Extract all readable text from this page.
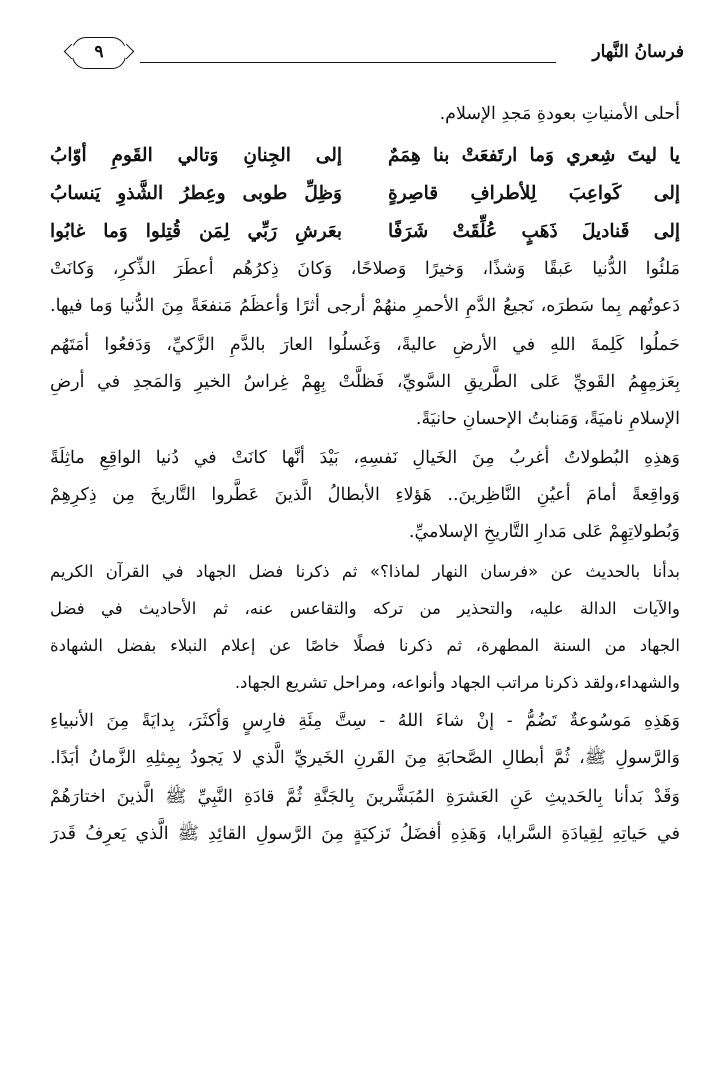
فرسانُ النَّهار
٩
أحلى الأمنياتِ بعودةِ مَجدِ الإسلام.
يا ليتَ شِعري وَما ارتَفعَتْ بنا هِمَمٌ
إلى الجِنانِ وَتالي القَومِ أوّابُ
إلى كَواعِبَ لِلأطرافِ قاصِرةٍ
وَظِلِّ طوبى وعِطرُ الشَّذوِ يَنسابُ
إلى قَناديلَ ذَهَبٍ عُلِّقَتْ شَرَفًا
بعَرشِ رَبِّي لِمَن قُتِلوا وَما غابُوا
مَلئُوا الدُّنيا عَبقًا وَشذًا، وَخيرًا وَصلاحًا، وَكانَ ذِكرُهُم أعطَرَ الذِّكرِ، وَكانَتْ
دَعوتُهم بِما سَطرَه، نَجيعُ الدَّمِ الأحمرِ منهُمْ أرجى أثرًا وَأعظَمُ مَنفعَةً مِنَ الدُّنيا وَما فيها.
حَملُوا كَلِمةَ اللهِ في الأرضِ عاليةً، وَغَسلُوا العارَ بالدَّمِ الزَّكيِّ، وَدَفعُوا أمَتَهُم
بِعَزمِهِمُ القَويِّ عَلى الطَّريقِ السَّويِّ، فَظلَّتْ بِهِمْ غِراسُ الخيرِ وَالمَجدِ في أرضِ
الإسلامِ ناميَةً، وَمَنابتُ الإحسانِ حانيَةً.
وَهذِهِ البُطولاتُ أغربُ مِنَ الخَيالِ نَفسِهِ، بَيْدَ أنَّها كانَتْ في دُنيا الواقِعِ ماثِلَةً
وَواقِعةً أمامَ أعيُنِ النَّاظِرينَ.. هَؤلاءِ الأبطالُ الَّذينَ عَطَّروا التَّاريخَ مِن ذِكرِهِمْ
وَبُطولاتِهِمْ عَلى مَدارِ التَّاريخِ الإسلاميِّ.
بدأنا بالحديث عن «فرسان النهار لماذا؟» ثم ذكرنا فضل الجهاد في القرآن الكريم
والآيات الدالة عليه، والتحذير من تركه والتقاعس عنه، ثم الأحاديث في فضل
الجهاد من السنة المطهرة، ثم ذكرنا فصلًا خاصًا عن إعلام النبلاء بفضل الشهادة
والشهداء،ولقد ذكرنا مراتب الجهاد وأنواعه، ومراحل تشريع الجهاد.
وَهَذِهِ مَوسُوعةٌ تَضُمُّ - إنْ شاءَ اللهُ - سِتَّ مِئَةِ فارِسٍ وَأكثَرَ، بِدايَةً مِنَ الأنبياءِ
وَالرَّسولِ ﷺ، ثُمَّ أبطالِ الصَّحابَةِ مِنَ القَرنِ الخَيريِّ الَّذي لا يَجودُ بِمِثلِهِ الزَّمانُ أبَدًا.
وَقَدْ بَدأنا بِالحَديثِ عَنِ العَشرَةِ المُبَشَّرينَ بِالجَنَّةِ ثُمَّ قادَةِ النَّبِيِّ ﷺ الَّذينَ اختارَهُمْ
في حَياتِهِ لِقِيادَةِ السَّرايا، وَهَذِهِ أفضَلُ تَزكيَةٍ مِنَ الرَّسولِ القائِدِ ﷺ الَّذي يَعرِفُ قَدرَ
